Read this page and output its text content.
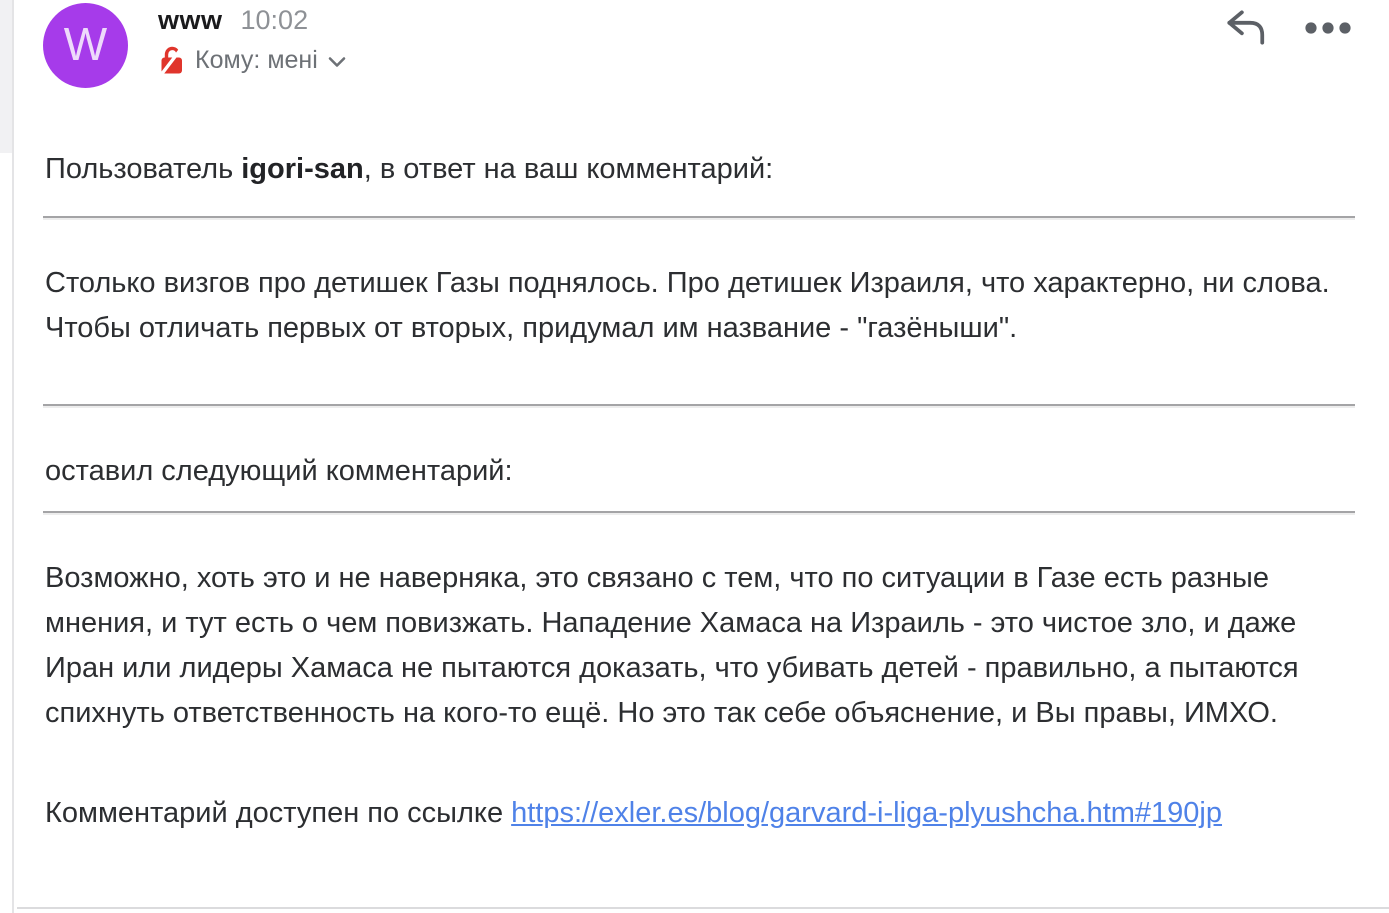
W www 10:02
Кому: мені
Пользователь igori-san, в ответ на ваш комментарий:
Столько визгов про детишек Газы поднялось. Про детишек Израиля, что характерно, ни слова. Чтобы отличать первых от вторых, придумал им название - "газёныши".
оставил следующий комментарий:
Возможно, хоть это и не наверняка, это связано с тем, что по ситуации в Газе есть разные мнения, и тут есть о чем повизжать. Нападение Хамаса на Израиль - это чистое зло, и даже Иран или лидеры Хамаса не пытаются доказать, что убивать детей - правильно, а пытаются спихнуть ответственность на кого-то ещё. Но это так себе объяснение, и Вы правы, ИМХО.
Комментарий доступен по ссылке https://exler.es/blog/garvard-i-liga-plyushcha.htm#190jp
